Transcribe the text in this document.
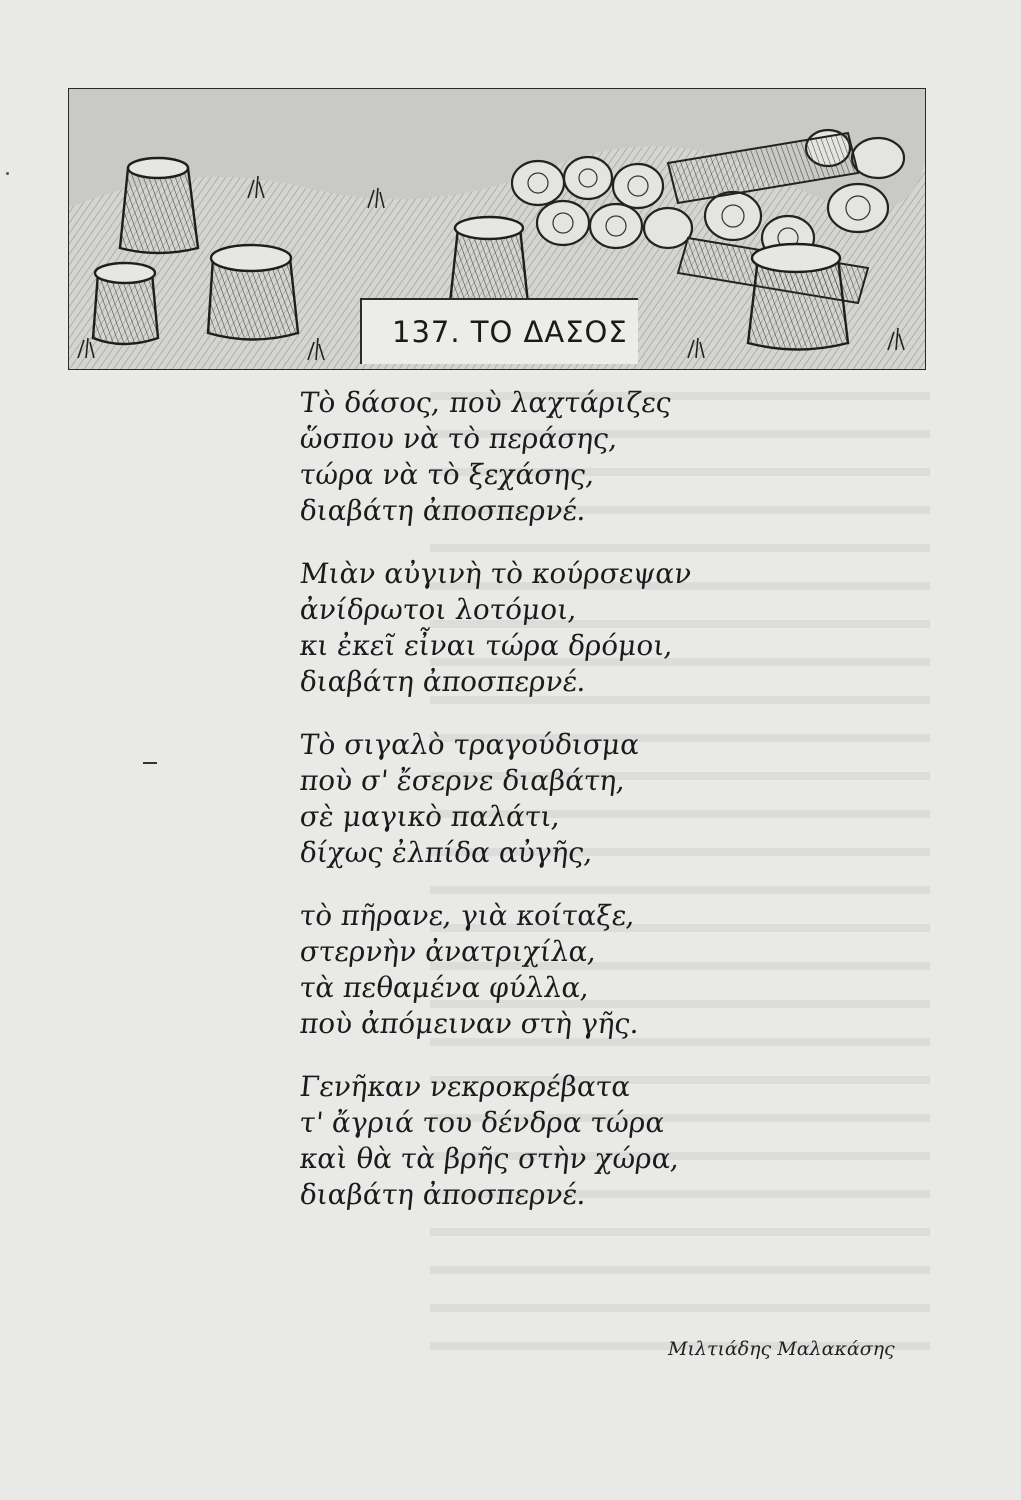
137. ΤΟ ΔΑΣΟΣ
Τὸ δάσος, ποὺ λαχτάριζες
ὥσπου νὰ τὸ περάσης,
τώρα νὰ τὸ ξεχάσης,
διαβάτη ἀποσπερνέ.
Μιὰν αὐγινὴ τὸ κούρσεψαν
ἀνίδρωτοι λοτόμοι,
κι ἐκεῖ εἶναι τώρα δρόμοι,
διαβάτη ἀποσπερνέ.
Τὸ σιγαλὸ τραγούδισμα
ποὺ σ' ἔσερνε διαβάτη,
σὲ μαγικὸ παλάτι,
δίχως ἐλπίδα αὐγῆς,
τὸ πῆρανε, γιὰ κοίταξε,
στερνὴν ἀνατριχίλα,
τὰ πεθαμένα φύλλα,
ποὺ ἀπόμειναν στὴ γῆς.
Γενῆκαν νεκροκρέβατα
τ' ἄγριά του δένδρα τώρα
καὶ θὰ τὰ βρῆς στὴν χώρα,
διαβάτη ἀποσπερνέ.
Μιλτιάδης Μαλακάσης
